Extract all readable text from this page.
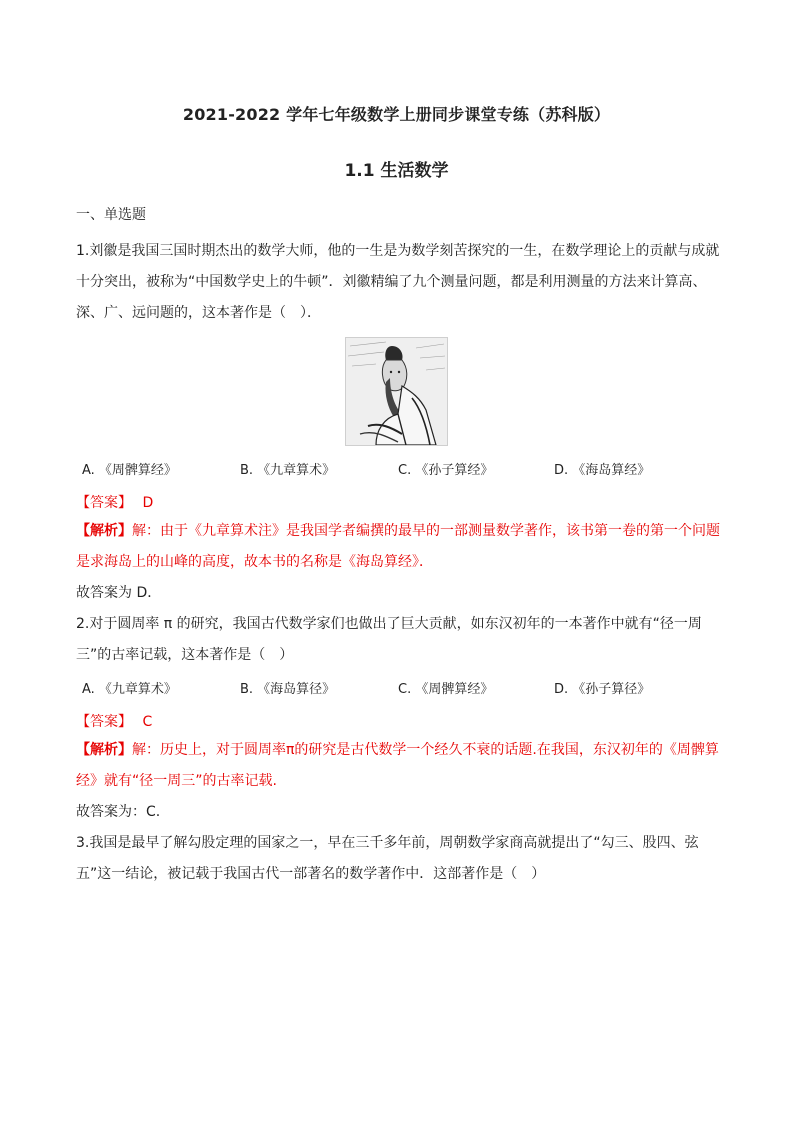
2021-2022 学年七年级数学上册同步课堂专练（苏科版）
1.1 生活数学
一、单选题
1.刘徽是我国三国时期杰出的数学大师，他的一生是为数学刻苦探究的一生，在数学理论上的贡献与成就十分突出，被称为“中国数学史上的牛顿”．刘徽精编了九个测量问题，都是利用测量的方法来计算高、深、广、远问题的，这本著作是（　）．
A. 《周髀算经》	B. 《九章算术》	C. 《孙子算经》	D. 《海岛算经》
【答案】 D
【解析】解：由于《九章算术注》是我国学者编撰的最早的一部测量数学著作，该书第一卷的第一个问题是求海岛上的山峰的高度，故本书的名称是《海岛算经》．
故答案为 D．
2.对于圆周率 π 的研究，我国古代数学家们也做出了巨大贡献，如东汉初年的一本著作中就有“径一周三”的古率记载，这本著作是（　）
A. 《九章算术》	B. 《海岛算径》	C. 《周髀算经》	D. 《孙子算径》
【答案】 C
【解析】解：历史上，对于圆周率π的研究是古代数学一个经久不衰的话题.在我国，东汉初年的《周髀算经》就有“径一周三”的古率记载.
故答案为：C.
3.我国是最早了解勾股定理的国家之一，早在三千多年前，周朝数学家商高就提出了“勾三、股四、弦五”这一结论，被记载于我国古代一部著名的数学著作中．这部著作是（　）
